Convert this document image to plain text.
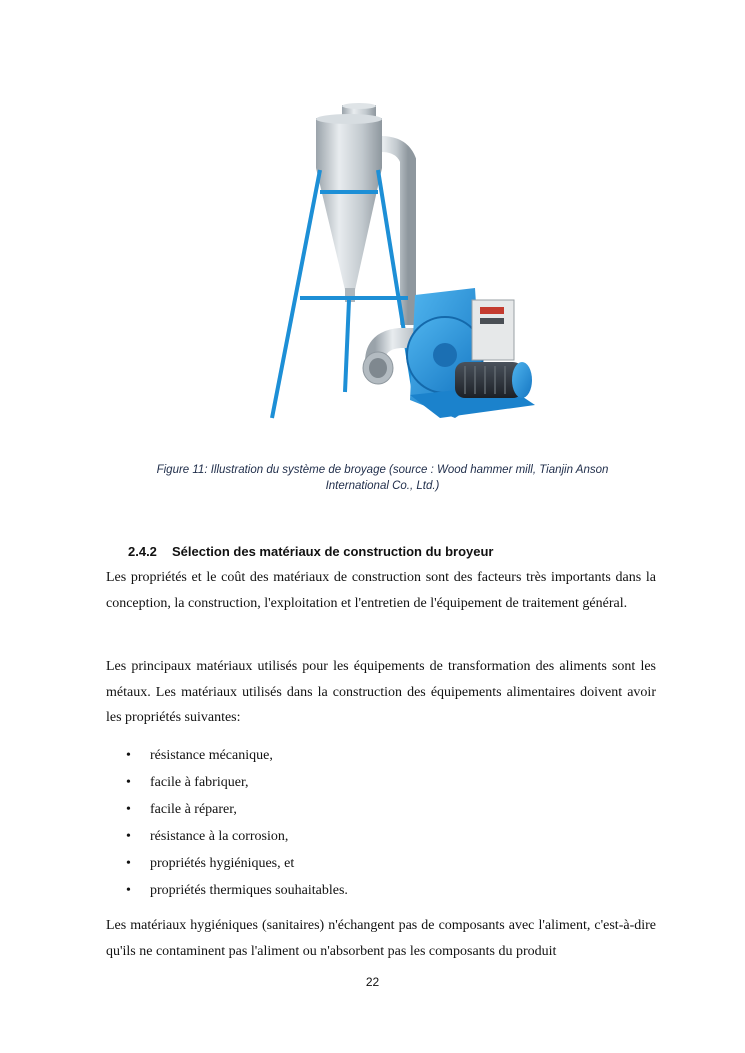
Figure 11: Illustration du système de broyage (source : Wood hammer mill, Tianjin Anson
International Co., Ltd.)
2.4.2 Sélection des matériaux de construction du broyeur

Les propriétés et le coût des matériaux de construction sont des facteurs très importants dans la conception, la construction, l'exploitation et l'entretien de l'équipement de traitement général.

Les principaux matériaux utilisés pour les équipements de transformation des aliments sont les métaux. Les matériaux utilisés dans la construction des équipements alimentaires doivent avoir les propriétés suivantes:

• résistance mécanique,
• facile à fabriquer,
• facile à réparer,
• résistance à la corrosion,
• propriétés hygiéniques, et
• propriétés thermiques souhaitables.

Les matériaux hygiéniques (sanitaires) n'échangent pas de composants avec l'aliment, c'est-à-dire qu'ils ne contaminent pas l'aliment ou n'absorbent pas les composants du produit

22
